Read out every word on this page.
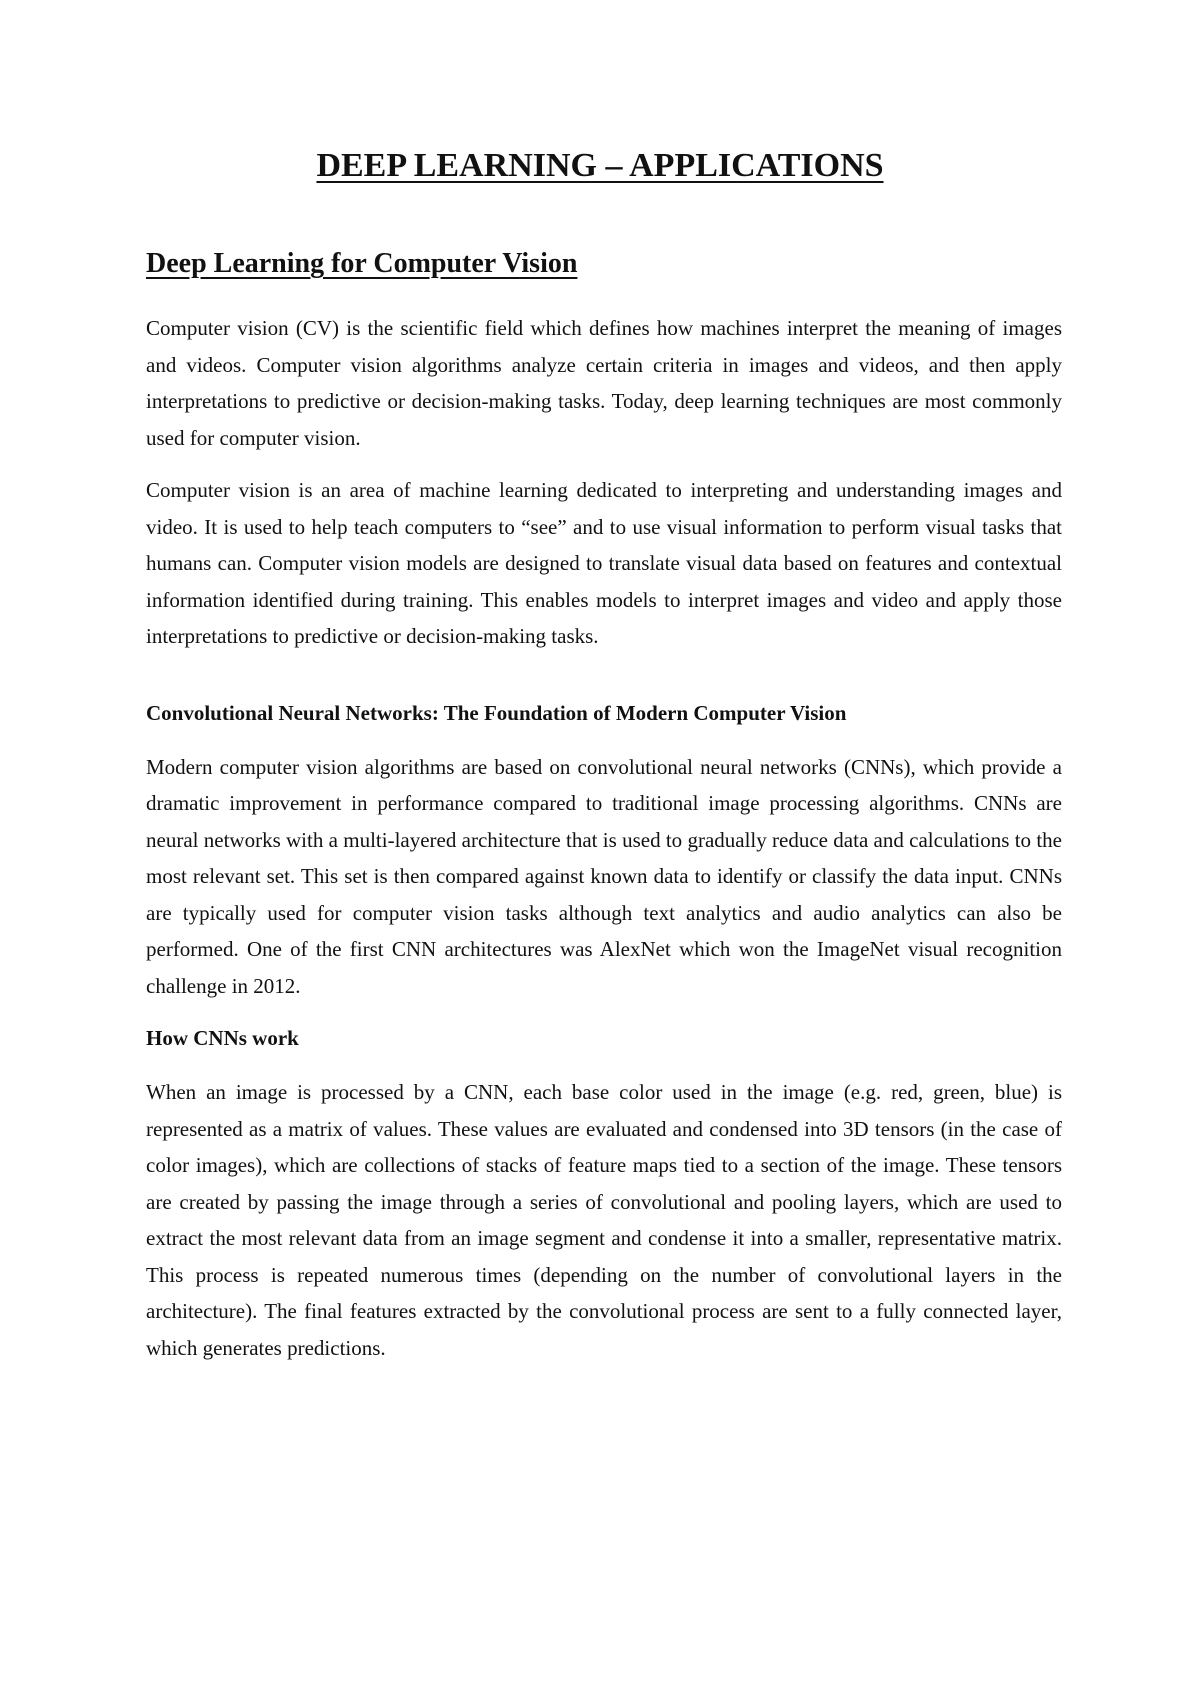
DEEP LEARNING – APPLICATIONS
Deep Learning for Computer Vision

Computer vision (CV) is the scientific field which defines how machines interpret the meaning of images and videos. Computer vision algorithms analyze certain criteria in images and videos, and then apply interpretations to predictive or decision-making tasks. Today, deep learning techniques are most commonly used for computer vision.

Computer vision is an area of machine learning dedicated to interpreting and understanding images and video. It is used to help teach computers to “see” and to use visual information to perform visual tasks that humans can. Computer vision models are designed to translate visual data based on features and contextual information identified during training. This enables models to interpret images and video and apply those interpretations to predictive or decision-making tasks.

Convolutional Neural Networks: The Foundation of Modern Computer Vision

Modern computer vision algorithms are based on convolutional neural networks (CNNs), which provide a dramatic improvement in performance compared to traditional image processing algorithms. CNNs are neural networks with a multi-layered architecture that is used to gradually reduce data and calculations to the most relevant set. This set is then compared against known data to identify or classify the data input. CNNs are typically used for computer vision tasks although text analytics and audio analytics can also be performed. One of the first CNN architectures was AlexNet which won the ImageNet visual recognition challenge in 2012.

How CNNs work

When an image is processed by a CNN, each base color used in the image (e.g. red, green, blue) is represented as a matrix of values. These values are evaluated and condensed into 3D tensors (in the case of color images), which are collections of stacks of feature maps tied to a section of the image. These tensors are created by passing the image through a series of convolutional and pooling layers, which are used to extract the most relevant data from an image segment and condense it into a smaller, representative matrix. This process is repeated numerous times (depending on the number of convolutional layers in the architecture). The final features extracted by the convolutional process are sent to a fully connected layer, which generates predictions.
